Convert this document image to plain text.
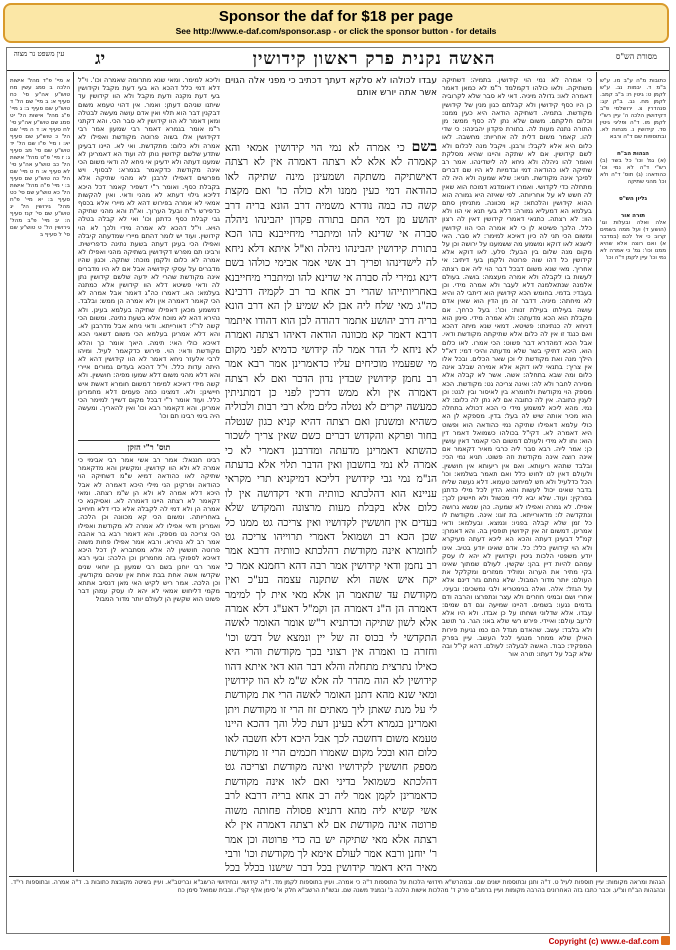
Sponsor the daf for $18 per page
See http://www.e-daf.com/sponsor.asp - or click the sponsor button - for details
מסורת הש"ס
האשה נקנית פרק ראשון קידושין
יג
עין משפט נר מצוה

כתובות מ"ה ע"ב מו. ע"ש ב"מ ד. יבמות נב. ע"ש לקמן ט: גיטין ח: ב"ב קמב. לקמן מח. נב. ב"ק קג: סנהדרין צ. ירושלמי פ"ב דקידושין הלכה ה' עיין רש"י לקמן מו. ד"ה ופליגי גיטין סד. קידושין נ. מנחות לא. ובתוספות שם ד"ה ורבא

הגהות הב"ח

(א) גמ' וכו' כל בשר (ב) רש"י ד"ה לא נמי וכו' כהודאה: (ג) תוס' ד"ה ולא וכו' מהני שתיקה

גליון הש"ס

תורה אור

אלה ואלה ובעלות וגו' (הושע ד) ועל ממה בשמים קרוב כי אל לכם (במדבר א) ואם רוצה אלא שהיא ממנו וכו': גמ' כי אמרה לא נמי וכו' עיין לקמן ד"ה וכו'

כי אמרה לא נמי הוי קידושין. בתמיה: דשתיקה משתיקה. ולאו כולהו דקמלמד ר"מ לא כמאן דאמר דאמרה לאו: גדולה מיניה. דאי לא סבר שלא לקרוביה כן היו כסף קידושין ולא קבלתם כגון מנין של קידושין מקודשת. בתמיה. דשתיקה הודאה היא כעין ממנו: וכלום חלקתם. משום שלא נתן לה כסף ממש: מן התורה נתנה מעות לה. בתורת פקדון יהבינהו: כי שדי להו. קאמר משום דלית לה אחריות: מחשבה. לאו כלום היא אלא לקבל: ורבנן. ויקבל מנה לכלום ולא לשם קידושין. אם לא שתקה והיינו שהיא מסלקת ואומר להו ניהלה ולא ניחא לה לישדינהו. אמר רב שתיקה לאו כהודאה דמי ובדמיות לא היו שם דברים לפיכך אינה מקודשת. תניא: שלא שמעה ולא היה לה מתחלה כדי לקדושי. ואמרו דאומדנא דמוכח הוא שאין לה חשש לא על אחריותה. לפי שאיזה היא גמורה הוא ההוא קידושין והלכתא: קא מכוונה. מתניתין סתם בעלמא הא דמעליא גמורה: דלא בעי תנא אי הוו ולא הוו: לא רצתה. כתנאי דאמרי קידושין דאין לה רצון כלל. הלכך פשיטא לן כי לא אמרה הכי הוו קידושין ומשום הכי תני לה כיון דאיכא למימר: לא סבר. האי לישנא לאו דוקא ומשמע מה ששמענו על ירושה וכן על מקום מנה שלום בין הבעל: סלע. לאו דוקא אלא קידושין כל דהו שוה פרוטה ולקמן בעי דיתיב: אי אחריך. מאי שנא משום דבכל דבר הוי ליה אם רצתה לעשות בו לקבלה ולא אמרה מעצמה: בושה. בעולם אלמנה שנתאלמנה דלא לעבר ולא אמרה מידי. וכן בעבדי: בדמי. בחומש הכא קידושין הוא דיתבי לה והיא לא מיחתה: מיניה. דדבר זה מן הדין הוא שאין אדם עושה בעילתו בעילת זנות: וכו': בעל כרחך. אם מקבלת הוא הכא מדעתה: ולא אמרה מידי. סימן הוא דניחא לה כנתינתו: פשיטא. דמאי שנא מיתה דהכא ואם כנגד זו אין לה כלום אלא שתיקתה מקודשת ודאי. אבל הכא דמהדרא דבר פשוט: הכי אמרו. לאו כלום הוא. היכא דתיקי בשר שלא מדעתה והיכי דמי: דא"ל הילך מנה ואת מקודשת לי וכן שאר הכלים. ובכל אלו אין צריך: בתנאי לאו דוקא אלא אמירה שבלב אינה כלום ומה שבא בתחלה: אשה. אשר לא קבלה אלא מסירה לחבר ולא לה: ואינה צריכה גט: מקודשת. הכא מספק הוי מקודשת ולחומרא בין לאיסור ובין לגט: וכן לענין כתובה. אין לה כתובה אם לא נתן לה כלום: לא נמי. מהא ליכא למשמע מידי כי הכא דכולא בתחלה הוא מכיר אותה שיש לה בעל: בדין. מספקא לן הא כולי עלמא דאפילו שתיקה נמי כהודאה הוא ופשוט היא דאמרה לא. דקי"ל בכולהו כשמואל דאמר דין הוא: ותו לא מידי ולעולם דמשום הכי קאמר דאין עושין כן: אמר ליה. רבא סבר ליה כרבי מאיר דקאמר אם אינה רוצה אינה מקודשת וזה פשוט. תניא נמי הכי: ובלבד שתהא ריעותא. ואם אין ריעותא אין חוששין. ולעולם דאין לנו לחוש כלל ואם תאמר בשלמא: וכו' הכל כדלעיל ולא חש למיחש: טעמא. דלא נעשה שליח בדבר שאינו יכול לעשות והוא הדין לכל מילי כדתנן בפרקין: ועוד. שלא יבא לידי מכשול ולא חיישינן לכך: אפילו. לא גמרה ואפילו לא שמעה. כהן שנשא גרושה ונתקדשה לו: מדאורייתא. בת זוגו: אינה. מקודשת לו כל זמן שלא קבלה בפניו: ונמצא. ובעלמא: ודאי אמרינן. דמשום זה אין קידושין תופסין בה. והא דאמרן: קמ"ל דבעינן דעתה והכא הא ליכא דעתה מעיקרא ולא הוי קידושין כלל: כל. אדם שאינו יודע בטיב. אינו יודע משפטי הלכות גיטין וקידושין לא יהא לו עסק עמהם להיות דיין בהן: שקשין. לעולם שמתוך שאינו בקי מתיר את הערוה ומוליד ממזרים ומקלקל את העולם: יותר מדור המבול. שלא נחתם גזר דינם אלא על הגזל: אלה. ואלה בגימטריא ולבי נמשכים: ובעיני. אחרי ושם ובמיני חוזרים ולא עצר ונתפרצו והרבה ודם בדמים נגעו: בשמים. דהיינו שמיעה וגם דם שמים: עבדו. אלא שדלוני ושחתו על כן אבדו. ולא היו אלא לרעב עולם: ואיידי. פירש רשי שלא באו: הגר. גר תושב ולא בלבד: עשב. שהאדם מגדל הם כמו נגיעת פירות האילן שלא ממחר מנגעי לכל העשב. עיין בפרק המפקיד: כבוד. האשה לבעלה: לעולם. דהא קי"ל ובה שלא קבל על דעתו: תורה אור

בשם כי אמרה לא נמי הוי קידושין אמאי והא קאמרה לא אלא לא רצתה דאמרה אין לא רצתה דאישתיקה משתקה ושמעינן מינה שתיקה לאו כהודאה דמי כעין ממנו ולא כולה כו' ואם מקצת קשה כה במה נודרא משמיה דרב הונא בריה דרב יהושע מן דמי התם בתורה פקדון יהבינהו ניהלה סברה אי שדינא להו ומיתברי מיחייבנא בהו הכא בתורת קידושין יהבינהו ניהלה וא"ל איתא דלא ניחא לה לישדינהו ופריך רב אשי אמר אבימי כולהו בשם דינא גמירי לה סברה אי שדינא להו ומיתברי מיחייבנא באחריותייהו שהרי רב אחא בר רב לקמיה דרבינא כה"ג מאי שלח ליה אבן לא שמיע לן הא דרב הונא בריה דרב יהושע אתמר דהודה לכן הוא דהודו איתמר דרבא דאמר קא מכוונה הודאה דאיהו רצתה ואמרה לא ניחא לי הדר אמר לה קידושי כדמיא לפני מקום מי שפעמיו מוכיחים עליו כדאמרינן אמר רבא אמר רב נחמן קידושין שבדין נדון הדבר ואם לא רצתה דאמרה אין ולא ממש דרכין לפני כן דמתניתין כמעשה יקרים לא נטלה כלים מלא רבי רבות ולכוליה כשהיא ומשנתן ואם רצתה דהיא קניא כגון שנטלה בחור ופרקא והקדוש דברים כשם שאין צריך לשכור כהשתא דאמרינן מדעתה ומדרבנן דאמרי לא כי אמרה לא נמי בחשבון ואין הדבר תלוי אלא בדעתה הנ"מ נמי גבי קידושין דליכא דמיקניא תרי מקראי עניינא הוא דהלכתא כוותיה ודאי דקדושה אין לו כלום אלא בקבלת מעות מרצונה והמקדש שלא בעדים אין חוששין לקדושיו ואין צריכה גט ממנו כל שכן הכא רב ושמואל דאמרי תרוייהו צריכה גט לחומרא אינה מקודשת דהלכתא כוותיה דרבא אמר רב נחמן ודאי קידושין אמר רבה דהא רחמנא אמר כי יקח איש אשה ולא שתקנה עצמה בע"כ ואין מקודשת עד שתאמר הן אלא מאי אית לך למימר דאמרה הן ה"נ דאמרה הן וקמ"ל דאע"ג דלא אמרה אלא לשון שתיקה וכדתניא ר"ש אומר האומר לאשה התקדשי לי בכוס זה של יין ונמצא של דבש וכו' וחזרה בו ואמרה אין רצוני בכך מקודשת והרי היא כאילו נתרצית מתחלה והלא דבר הוא דאי איתא דהוו קידושין לא הוה מהדר לה אלא ש"מ לא הוו קידושין ומאי שנא מהא דתנן האומר לאשה הרי את מקודשת לי על מנת שאתן ליך מאתים זוז הרי זו מקודשת ויתן ואמרינן בגמרא דלא בעינן דעת כלל והך דהכא היינו טעמא משום דחשבה לכך אבל היכא דלא חשבה לאו כלום הוא ובכל מקום שאמרו חכמים הרי זו מקודשת מספק חוששין לקידושיו ואינה מקודשת וצריכה גט דהלכתא כשמואל בדיני ואם לאו אינה מקודשת כדאמרינן לקמן אמר ליה רב אחא בריה דרבא לרב אשי קשיא ליה מהא דתניא פסולה פחותה משוה פרוטה אינה מקודשת אם לא רצתה דאמרה אין לא רצתה אלא מאי שתיקה יש בה כדי פרוטה וכן אמר ר' יוחנן ורבא אמר לעולם אימא לך מקודשת וכו' ורבי מאיר היא דאמר קידושין בכל דבר שישנו בכלל בכל

עבדו לכולהו לא סלקא דעתך דכתיב כי מפני אלה הגוים אשר אתה יורש אותם

וליכא למימר. ומאי שנא מתרומה שאמרה וכו'. וי"ל דלא דמי כלל דהכא הא בעי דעת מקבל וקידושין בעי דעת מקנה ודעת מקבל ולא הוו קידושין עד שיתנו שניהם דעתן: ואמר. אין דהוי טעמא משום דבקנין דבר הוא תלוי ואין אדם עושה מעשה לבטלה ומאן דאמר לא הוו קידושין לא סבר הכי. והא דקתני ר"מ אומר בגמרא דאמר רבי שמעון אמר רבי דקידושין אלו בשוה פרוטה מקודשת ואפילו לא אמרה ולא כלום: מתקדשת. ואי לא. היינו דבעינן שתדע שלשם קידושין נותן לה ועוד הא דאמרינן לא שמענו דעתה ולא ידעינן אי ניחא לה ודאי משום הכי אינה מקודשת כדקאמר בגמרא: לבסוף. ויש מפרשים דאפילו לרבנן לא מהני שתיקה אלא בקבלת כסף. ואומר ר"י דשפיר קאמר דכל היכא דליכא גילוי דעתא לא מהני ודאי. ואין להקשות אמאי לא אמרה בפירוש דהא לא מיירי אלא בכסף כדפירש ר"ח ובעל הערוך. וא"ת והא מהני שתיקה גבי קבלת כסף כדתנן וכו' ואי לא קבלה בטלה הויא. וי"ל דהכא לא אמרה מידי ולכך לא הוי קידושין. ועוד יש לומר דהתם מיירי שמדעתה קיבלה ואפילו הכי בעינן דעתה בשעת נתינה כדפרישית. ורבינו תם מפרש דקידושין בשתיקה מהני ואפילו לא אמרה לא כלום ולקמן מוכח: שתקה. וכגון שהיו מדברים על עסקי קידושיה אבל אם לא היו מדברים אינה מקודשת שהרי לא ידעה שלשם קידושין נתן לה ודאי פשיטא דלא הוו קידושין אלא כמתנה בעלמא: הא. דאמרו כה"ג דאמר אבל אמרה לא הכי קאמר דאמרה אין ולא אמרה הן ממש: ובלבד. דמשמע מכאן דאפילו שתיקה בעלמא בעינן. ולא נהירא דהא לא מוכח אלא בשעת נתינה. ומשום הכי קשה לר"י: דאורייתא. ודאי ניחא אבל מדרבנן לא. והא דלא אמרינן בעלמא הכי משום דשאני הכא דאיכא כולי האי: תימה. היאך אומר כך והלא מקודשת ודאי: הוי. פירוש כדקאמר לעיל. ומיהו לרבי אלעזר ניחא דאמר לא הוו קידושין דהא לא היתה עדות כלל. וי"ל דהכא בעדים גמורים איירי והא דלא מהני משום דלא שמעו מפיה: חוששין. ולא קשה מידי דאיכא למימר דמשום חומרא דאשת איש חיישינן: ולא. דמצינו כמה פעמים דלא מחמרינן כלל. ועוד אומר ר"י דבכל מקום דשייך למימר הכי אמרינן. והא דקאמר רבא וכו' ואין להאריך. ומעשה היה בימי רבינו תם וכו'

תוס' ר"י הזקן

רבינו חננאל: אמר רב אשי אמר רבי אבימי כי אמרה לא ולא הוו קידושין. ומקשינן והא מדקאמר שתיקה לאו כהודאה דמיא ש"מ דשתיקה הוי כהודאה ופרקינן הני מילי היכא דאמרה לא אבל היכא דלא אמרה לא ולא הן ש"מ רצתה. ומאי דקאמר לא רצתה היינו דאמרה לא. ואסיקנא כי אמרה הן ולא דמי לה לקבלה אלא כדי דלא תיחייב באחריותה. ומשום הכי קא מכוונה וכן הלכה. ואמרינן ודאי אפילו לא אמרה לא מקודשת ואפילו הכי צריכה גט מספק. והא דאמר רבא בר אהבה אמר רב לא נהירא. ורבא אמר אפילו פחות משוה פרוטה חוששין לה אלא מסתברא לן דכל היכא דאיכא לספוקי בזה מחמרינן וכן הלכה: ובעי רבא אמר רבי יוחנן בשם רבי שמעון בן יוחאי שנים שקדשו אשה אחת בבת אחת אין שניהם מקודשין. וכן הלכה. אמר ריש לקיש האי מאן דנסיב אתתא מקמי דליחוש אמאי לא יהא לו עסק עמהן דבר פשוט הוא שקשין הן לעולם יותר מדור המבול

א מיי' פ"ד מהל' אישות הלכה ב סמג עשין מח טוש"ע אה"ע סי' כח סעיף א: ב מיי' שם הל' ד טוש"ע שם סעיף ב: ג מיי' פ"ג מהל' אישות הל' יט סמג שם טוש"ע אה"ע סי' לח סעיף א: ד ה מיי' שם הל' כ טוש"ע שם סעיף יא: ו מיי' פ"ו שם הל' יד טוש"ע שם סי' מב סעיף ג: ז מיי' פ"ט מהל' אישות הל' כב טוש"ע אה"ע סי' לא סעיף א: ח ט מיי' שם הל' כה טוש"ע שם סעיף ב: י מיי' פ"ה מהל' אישות הל' כא טוש"ע שם סי' כט סעיף ב: יא מיי' פ"ח מהל' גירושין הל' יג טוש"ע שם סי' קנז סעיף ה: יב מיי' פ"ב מהל' גירושין הל' ט טוש"ע שם סי' ל סעיף ב

הגהות ומראה מקומות: עיין תוספות לעיל ט. ד"ה ותנן ובתוספות ישנים שם. ובמהרש"א חידושי הלכות על התוספות ד"ה כי אמרה. ועיין בתוספות לקמן מד. ד"ה קידושי. ובחידושי הרשב"א ובריטב"א. ועיין בשיטה מקובצת כתובות ב. ד"ה אמרה. ובתוספות רי"ד. ובהגהות הב"ח וצ"ע. וכבר כתבו בזה האחרונים בהרבה מקומות ועיין ברמב"ם פרק ד' מהלכות אישות הלכה ב' ובמגיד משנה שם. ובשו"ת הרשב"א חלק א' סימן אלף קפ"ו. ובבית שמואל סימן כח

Copyright (c) www.e-daf.com
